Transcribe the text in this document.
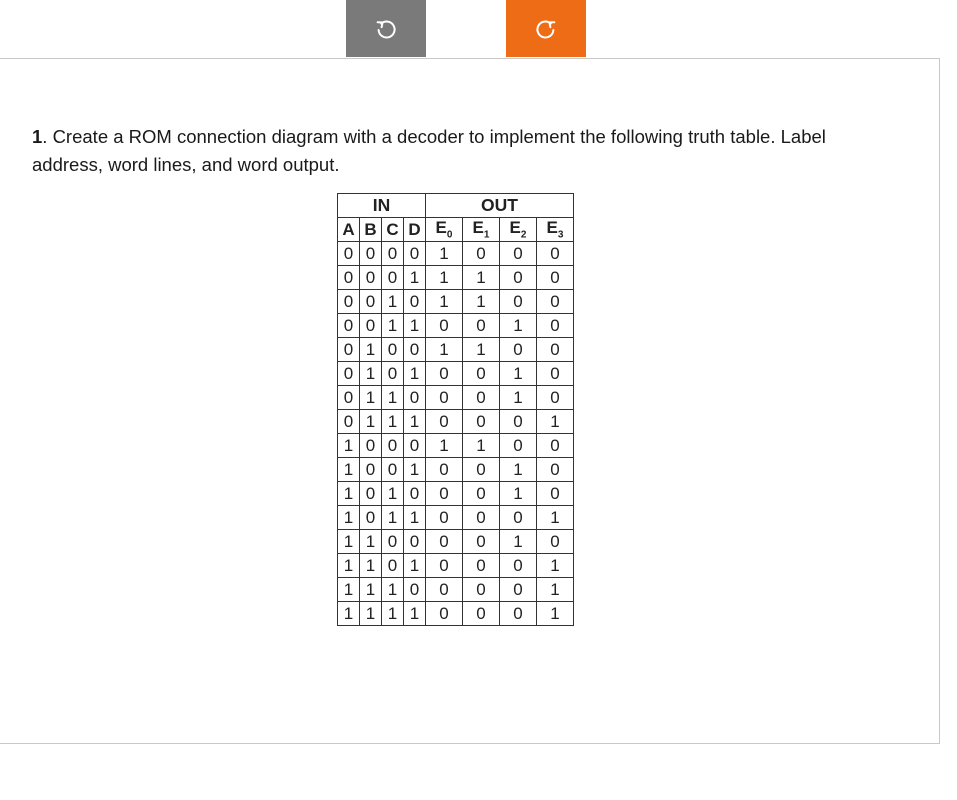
1. Create a ROM connection diagram with a decoder to implement the following truth table. Label
address, word lines, and word output.
IN				OUT			
A	B	C	D	$E_0$	$E_1$	$E_2$	$E_3$
0	0	0	0	1	0	0	0
0	0	0	1	1	1	0	0
0	0	1	0	1	1	0	0
0	0	1	1	0	0	1	0
0	1	0	0	1	1	0	0
0	1	0	1	0	0	1	0
0	1	1	0	0	0	1	0
0	1	1	1	0	0	0	1
1	0	0	0	1	1	0	0
1	0	0	1	0	0	1	0
1	0	1	0	0	0	1	0
1	0	1	1	0	0	0	1
1	1	0	0	0	0	1	0
1	1	0	1	0	0	0	1
1	1	1	0	0	0	0	1
1	1	1	1	0	0	0	1
